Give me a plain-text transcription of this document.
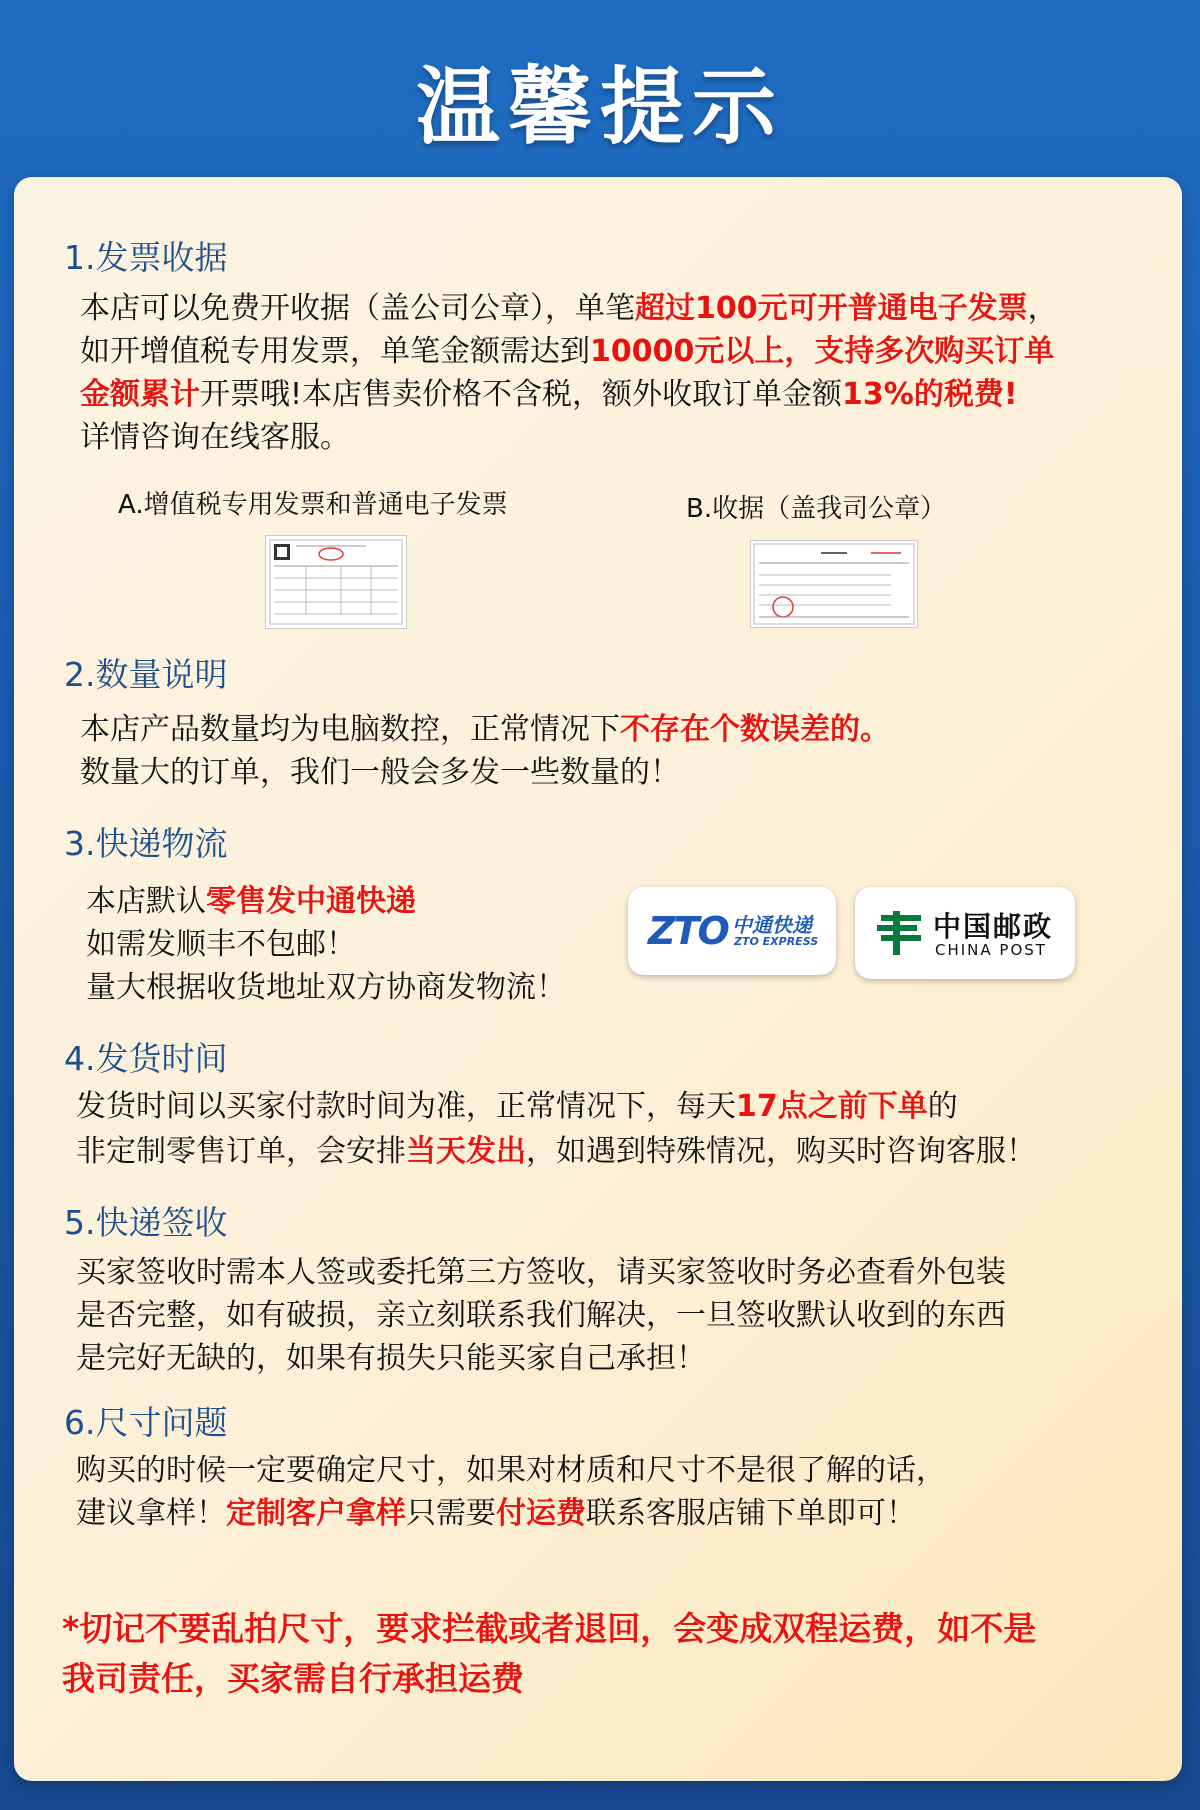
温馨提示
1.发票收据
本店可以免费开收据（盖公司公章），单笔超过100元可开普通电子发票，
如开增值税专用发票，单笔金额需达到10000元以上，支持多次购买订单
金额累计开票哦!本店售卖价格不含税，额外收取订单金额13%的税费!
详情咨询在线客服。
A.增值税专用发票和普通电子发票	B.收据（盖我司公章）
2.数量说明
本店产品数量均为电脑数控，正常情况下不存在个数误差的。
数量大的订单，我们一般会多发一些数量的！
3.快递物流
本店默认零售发中通快递
如需发顺丰不包邮！
量大根据收货地址双方协商发物流！
ZTO 中通快递
ZTO EXPRESS	中国邮政
CHINA POST
4.发货时间
发货时间以买家付款时间为准，正常情况下，每天17点之前下单的
非定制零售订单，会安排当天发出，如遇到特殊情况，购买时咨询客服！
5.快递签收
买家签收时需本人签或委托第三方签收，请买家签收时务必查看外包装
是否完整，如有破损，亲立刻联系我们解决，一旦签收默认收到的东西
是完好无缺的，如果有损失只能买家自己承担！
6.尺寸问题
购买的时候一定要确定尺寸，如果对材质和尺寸不是很了解的话，
建议拿样！定制客户拿样只需要付运费联系客服店铺下单即可！
*切记不要乱拍尺寸，要求拦截或者退回，会变成双程运费，如不是
我司责任，买家需自行承担运费
